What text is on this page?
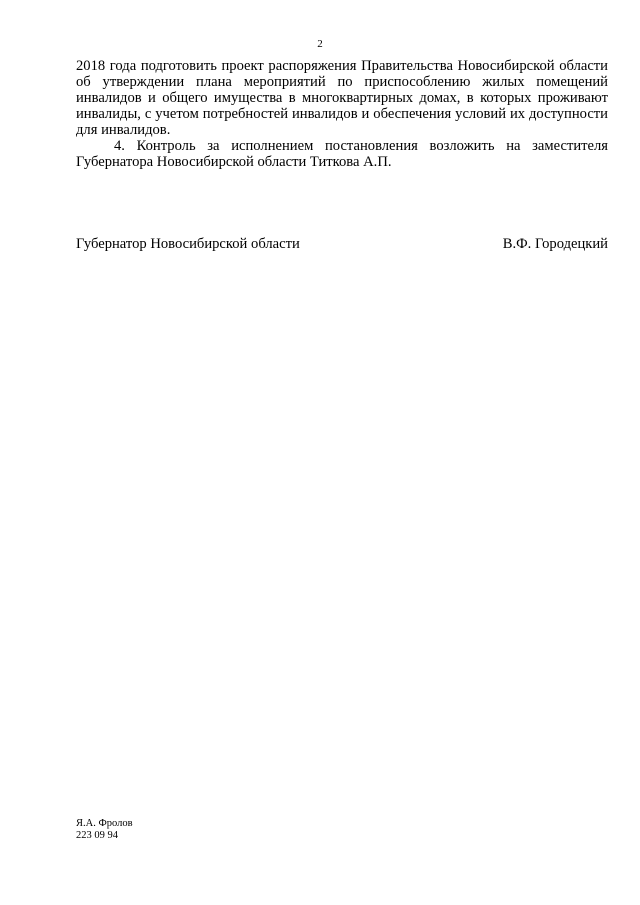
2

2018 года подготовить проект распоряжения Правительства Новосибирской области об утверждении плана мероприятий по приспособлению жилых помещений инвалидов и общего имущества в многоквартирных домах, в которых проживают инвалиды, с учетом потребностей инвалидов и обеспечения условий их доступности для инвалидов.

4. Контроль за исполнением постановления возложить на заместителя Губернатора Новосибирской области Титкова А.П.

Губернатор Новосибирской области	В.Ф. Городецкий
Я.А. Фролов
223 09 94
